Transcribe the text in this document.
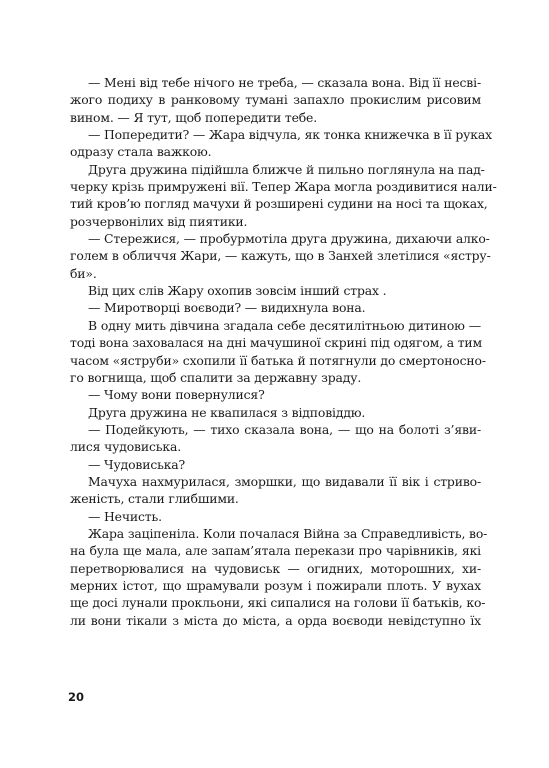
— Мені від тебе нічого не треба, — сказала вона. Від її несві-
жого подиху в ранковому тумані запахло прокислим рисовим
вином. — Я тут, щоб попередити тебе.
— Попередити? — Жара відчула, як тонка книжечка в її руках
одразу стала важкою.
Друга дружина підійшла ближче й пильно поглянула на пад-
черку крізь примружені вії. Тепер Жара могла роздивитися нали-
тий кров’ю погляд мачухи й розширені судини на носі та щоках,
розчервонілих від пиятики.
— Стережися, — пробурмотіла друга дружина, дихаючи алко-
голем в обличчя Жари, — кажуть, що в Занхей злетілися «ястру-
би».
Від цих слів Жару охопив зовсім інший страх .
— Миротворці воєводи? — видихнула вона.
В одну мить дівчина згадала себе десятилітньою дитиною —
тоді вона заховалася на дні мачушиної скрині під одягом, а тим
часом «яструби» схопили її батька й потягнули до смертоносно-
го вогнища, щоб спалити за державну зраду.
— Чому вони повернулися?
Друга дружина не квапилася з відповіддю.
— Подейкують, — тихо сказала вона, — що на болоті з’яви-
лися чудовиська.
— Чудовиська?
Мачуха нахмурилася, зморшки, що видавали її вік і стриво-
женість, стали глибшими.
— Нечисть.
Жара заціпеніла. Коли почалася Війна за Справедливість, во-
на була ще мала, але запам’ятала перекази про чарівників, які
перетворювалися на чудовиськ — огидних, моторошних, хи-
мерних істот, що шрамували розум і пожирали плоть. У вухах
ще досі лунали прокльони, які сипалися на голови її батьків, ко-
ли вони тікали з міста до міста, а орда воєводи невідступно їх
20
